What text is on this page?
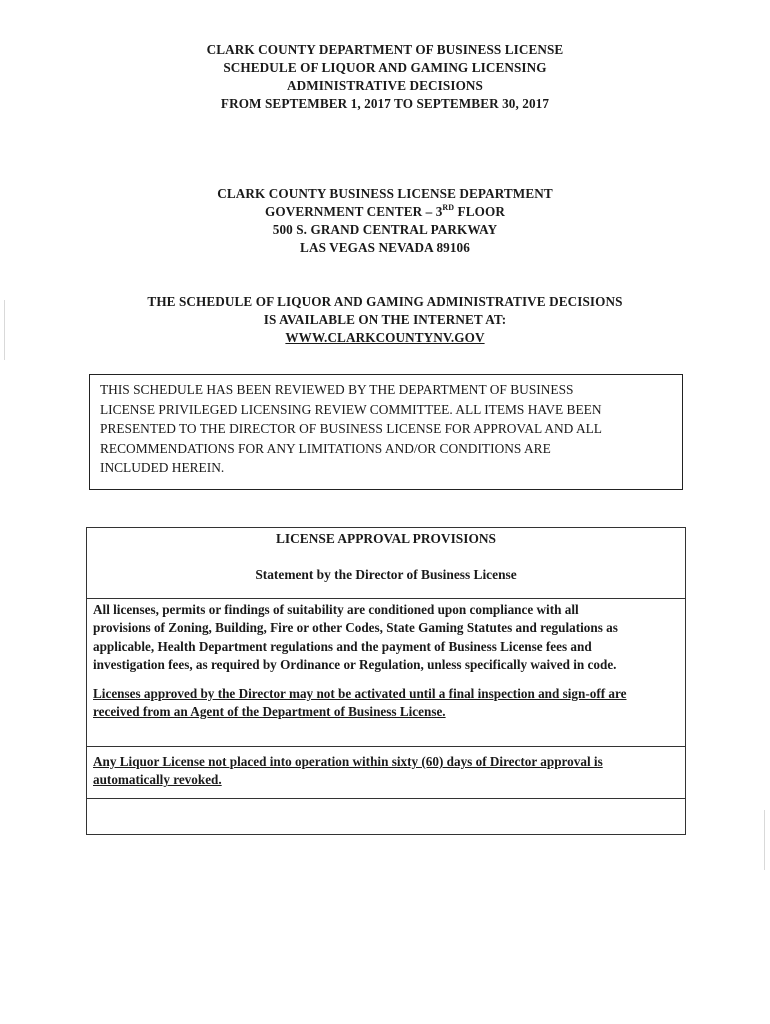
CLARK COUNTY DEPARTMENT OF BUSINESS LICENSE
SCHEDULE OF LIQUOR AND GAMING LICENSING
ADMINISTRATIVE DECISIONS
FROM SEPTEMBER 1, 2017 TO SEPTEMBER 30, 2017
CLARK COUNTY BUSINESS LICENSE DEPARTMENT
GOVERNMENT CENTER – 3RD FLOOR
500 S. GRAND CENTRAL PARKWAY
LAS VEGAS NEVADA 89106
THE SCHEDULE OF LIQUOR AND GAMING ADMINISTRATIVE DECISIONS
IS AVAILABLE ON THE INTERNET AT:
WWW.CLARKCOUNTYNV.GOV
THIS SCHEDULE HAS BEEN REVIEWED BY THE DEPARTMENT OF BUSINESS
LICENSE PRIVILEGED LICENSING REVIEW COMMITTEE. ALL ITEMS HAVE BEEN
PRESENTED TO THE DIRECTOR OF BUSINESS LICENSE FOR APPROVAL AND ALL
RECOMMENDATIONS FOR ANY LIMITATIONS AND/OR CONDITIONS ARE
INCLUDED HEREIN.
LICENSE APPROVAL PROVISIONS
Statement by the Director of Business License
All licenses, permits or findings of suitability are conditioned upon compliance with all
provisions of Zoning, Building, Fire or other Codes, State Gaming Statutes and regulations as
applicable, Health Department regulations and the payment of Business License fees and
investigation fees, as required by Ordinance or Regulation, unless specifically waived in code.
Licenses approved by the Director may not be activated until a final inspection and sign-off are
received from an Agent of the Department of Business License.
Any Liquor License not placed into operation within sixty (60) days of Director approval is
automatically revoked.
